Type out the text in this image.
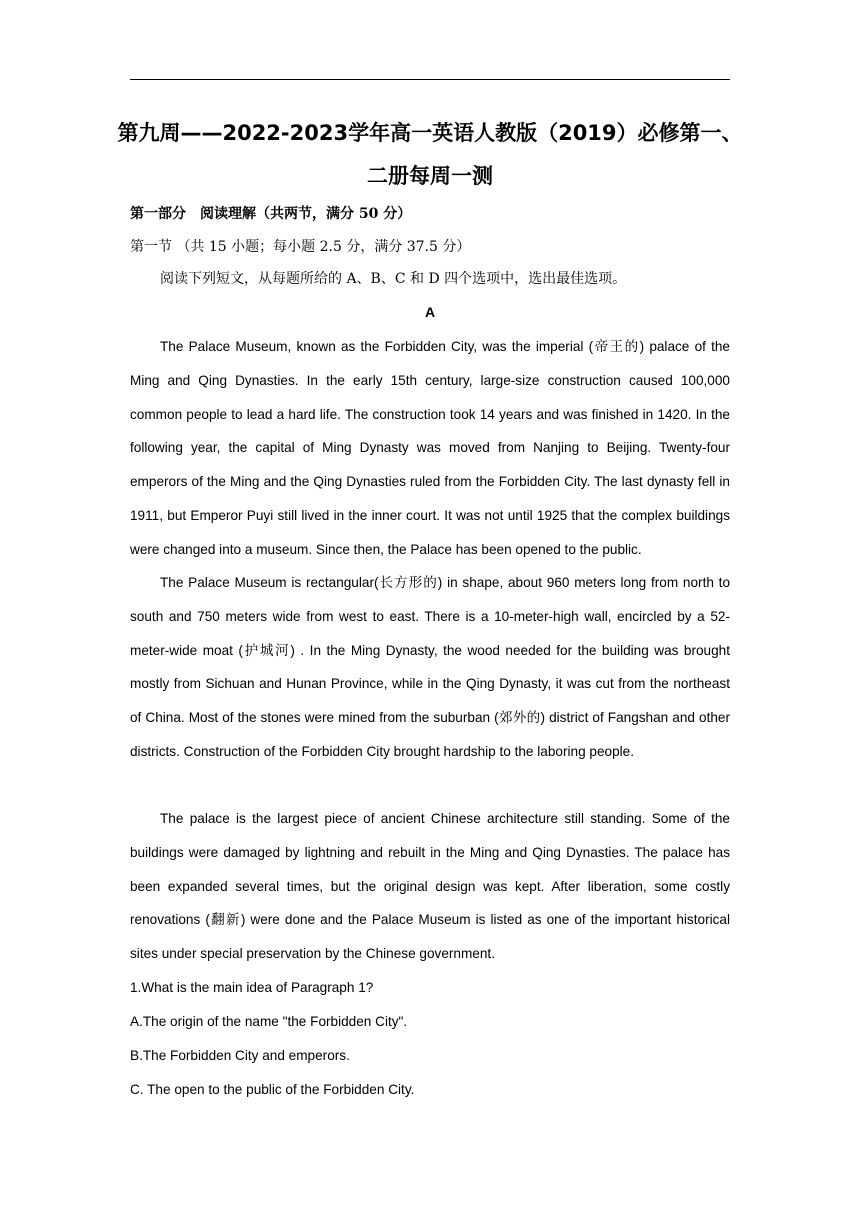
第九周——2022-2023学年高一英语人教版（2019）必修第一、
二册每周一测
第一部分　阅读理解（共两节，满分 50 分）
第一节 （共 15 小题；每小题 2.5 分，满分 37.5 分）
阅读下列短文，从每题所给的 A、B、C 和 D 四个选项中，选出最佳选项。
A

The Palace Museum, known as the Forbidden City, was the imperial (帝王的) palace of the Ming and Qing Dynasties. In the early 15th century, large-size construction caused 100,000 common people to lead a hard life. The construction took 14 years and was finished in 1420. In the following year, the capital of Ming Dynasty was moved from Nanjing to Beijing. Twenty-four emperors of the Ming and the Qing Dynasties ruled from the Forbidden City. The last dynasty fell in 1911, but Emperor Puyi still lived in the inner court. It was not until 1925 that the complex buildings were changed into a museum. Since then, the Palace has been opened to the public.

The Palace Museum is rectangular(长方形的) in shape, about 960 meters long from north to south and 750 meters wide from west to east. There is a 10-meter-high wall, encircled by a 52-meter-wide moat (护城河) . In the Ming Dynasty, the wood needed for the building was brought mostly from Sichuan and Hunan Province, while in the Qing Dynasty, it was cut from the northeast of China. Most of the stones were mined from the suburban (郊外的) district of Fangshan and other districts. Construction of the Forbidden City brought hardship to the laboring people.

The palace is the largest piece of ancient Chinese architecture still standing. Some of the buildings were damaged by lightning and rebuilt in the Ming and Qing Dynasties. The palace has been expanded several times, but the original design was kept. After liberation, some costly renovations (翻新) were done and the Palace Museum is listed as one of the important historical sites under special preservation by the Chinese government.

1.What is the main idea of Paragraph 1?
A.The origin of the name "the Forbidden City".
B.The Forbidden City and emperors.
C. The open to the public of the Forbidden City.
